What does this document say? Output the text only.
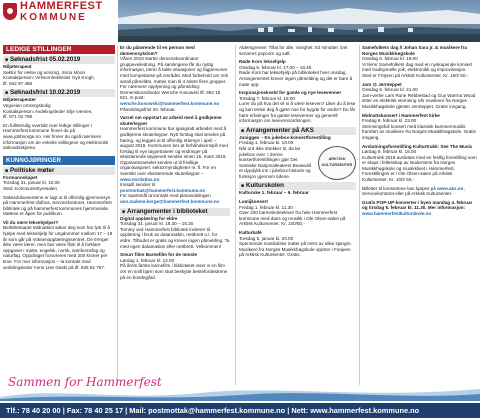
HAMMERFEST
KOMMUNE
LEDIGE STILLINGER
■ Søknadsfrist 05.02.2019
Miljøterapeut
Sektor for Helse og omsorg, Soria Moria
Kontaktperson: Virksomhetsleder Gyri Krogh,
tlf. 942 87 488
■ Søknadsfrist 10.02.2019
Miljøterapeuter
Vegveien omsorgsbolig
Kontaktperson: Avdelingsleder Silje Iversen,
tlf. 971 02 799
En fullstendig oversikt over ledige stillinger i Hammerfest kommune finner du på www.jobbnorge.no. Her finner du også nærmere informasjon om de enkelte stillingene og elektronisk søknadsskjema.
KUNNGJØRINGER
■ Politiske møter
Formannskapet
Torsdag 31. januar kl. 10.00
Stedː Kommunestyresalen
Sakssdokumentene er lagt ut til offentlig gjennomsyn på Hammerfest rådhus, Servicekontoret, Hammerfest bibliotek og på hammerfest kommunes hjemmeside. Møtene er åpen for publikum.
Vil du være leksehjelper?
Biofelleskapet Midnattsol søker deg som har lyst til å hjelpe med leksehjelp for ungdommer mellom 17 – 19 år som går på Voksenopplæringssentret. De trenger ikke være lærer, men bør være flink til å forklare oppgaver i matte, engelsk, norsk, samfunnsfag og naturfag. Oppdraget honoreres med 200 kroner per time. For mer informasjon – ta kontakt med avdelingsleder Anne Lise Gaski på tlf. 926 82 757.
Er du pårørende til en person med demenssykdom?
Våren 2019 starter demenskoordinator gruppeveiledning. På samlingene får du nyttig informasjon, lærer å takle situasjoner og fagpersoner med kompetanse på området. Med forbehold om nok antall påmeldte, møtes man til 4 starte flere grupper. For nærmere opplysning og påmelding: Demenskoordinator Wenche Kosowski tlf. 992 18 921. E-post:
wenche.kosowski@hammerfest.kommune.no
Påmeldingsfrist 20. februar.
Varsel om oppstart av arbeid med å godkjenne skuterleyper
Hammerfest kommune har igangsatt arbeidet med å godkjenne skuterløyper. Nytt forslag skal sendes på høring, og legges ut til offentlig ettersyn i april – august 2019. Kommunen ber at forhåndsinnspill med forslag til nye løypetraseer og endringer på eksisterende løypenett sendes innen 15. mars 2019. Oppstartsvarselet sendes ut til frivillige organisasjoner, sektormyndigheter m. fl. For en oversikt over eksisterende skuterløyper –
www.nordatlas.no
Innspill sendes til
postmottak@hammerfest.kommune.no
For spørsmål ta kontakt med planavdelingen
ann.malene.berge@hammerfest.kommune.no
■ Arrangementer i biblioteket
Digital opplæring for eldre
Torsdag 31. januar kl. 16.30 – 18.30
Tommy ved Hammerfest bibliotek inviterer til opplæring i bruk av datamaskin, nettbrett o.l. for eldre. Tilbudet er gratis og krever ingen påmelding. Ta med egen datamaskin eller nettbrett. Velkommen!
Smurr film! Barnefilm for de minste
Lørdag 1. februar kl. 12.00
På årets første barnefilm i biblioteket viser vi en film om en snill bjørn som skal beskytte bestefordeldrene på en bondegård.
Aldersgrense: Tillat for alle. Varighet: 63 minutter. Det serveres popcorn og saft.
Røde Kors leksehjelp
Onsdag 6. februar kl. 17.00 – 18.45
Røde Kors har leksehjelp på biblioteket hver onsdag. Arrangementet krever ingen påmelding og det er bare å møte opp.
Inspirasjonskveld for gamle og nye lesevenner
Torsdag 7. februar kl. 18.00
Lurer du på hva det vil si å være leseven? Liker du å lese og kan tenke deg å gjøre noe for bygde for andre? Du får høre erfaringer fra gamle lesevenner og generell informasjon om lesevennordningen.
■ Arrangementer på AKS
Juniggøs – En jukebox-konsertforestilling
Fredag 1. februar kl. 19.00
ARKTISK KULTURSENTER
Når ord ikke strekker til, da tar jukebox over. I denne konsertforestillingen gjør Det Samiske Nasjonalteateret Beaivváš et dypdykk inn i jukebox-historie og funksjon gjennom tidene.
■ Kulturskolen
Kulturuke 1. februar – 9. februar
Lumijkonsert
Fredag 1. februar kl. 11.30
Over 200 barneskoleelever fra hele Hammerfest kommune med dans og musikk i Ole Olsen-salen på Arktisk Kultursenter. Kr. 100/50,-
Kulturkafé
Torsdag 5. januar kl. 20.00
Spennende musikalske møter på tvers av ulike sjangre. Musikere fra Norges Musikkhøgskole opptrer i Foajeen på Arktisk Kultursenter. Gratis.
Samefolkets dag // Johan Sara jr. & musikere fra Norges Musikkhøgskole
Onsdag 6. februar kl. 19.00
Vi feirer Samefolkets dag med en nyskapende konsert med tradisjonelle joik, elektronikk og improvisasjon. Sted er Frityren på Arktisk Kultursenter. Kr. 150/ 50,-
Jam @ Jernteppet
Onsdag 6. februar kl. 21.00
Jam-verter Lars Rune Rebbestad og Guy Warrnа Wood sitter en elektrisk stemning når musikere fra Norges Musikkhøgskole gjester Jernteppet. Gratis inngang.
Midnattskonsert i Hammerfest kirke
Fredag 8. februar kl. 23.00
Stemningsfull konsert med klassisk kammermusikk framført av musikere fra Norges Musikkhøgskole. Gratis inngang.
Avslutningsforestilling Kulturtrukk: See The Music
Lørdag 9. februar kl. 18.00
Kulturtrukk 2019 avsluttes med en festlig forestilling som er skapt i fellesskap av studentene fra Norges Musikkhøgskole og musikklivet i Hammerfest. Forestillingen er i Ole Olsen-salen på Arktisk Kultursenter. Kr. 100/ 50,-
Billetter til konsertene kan kjøpes på www.aks.no, Servicekontoret eller på Arktisk Kultursenter.
Gratis POP-UP-konserter i byen mandag 4. februar og tirsdag 5. februar kl. 11.30. Mer informasjon:
www.hammerfestkulturskole.no
Sammen for Hammerfest
Tlf.: 78 40 20 00 | Fax: 78 40 25 17 | Mail: postmottak@hammerfest.kommune.no | Nett: www.hammerfest.kommune.no
